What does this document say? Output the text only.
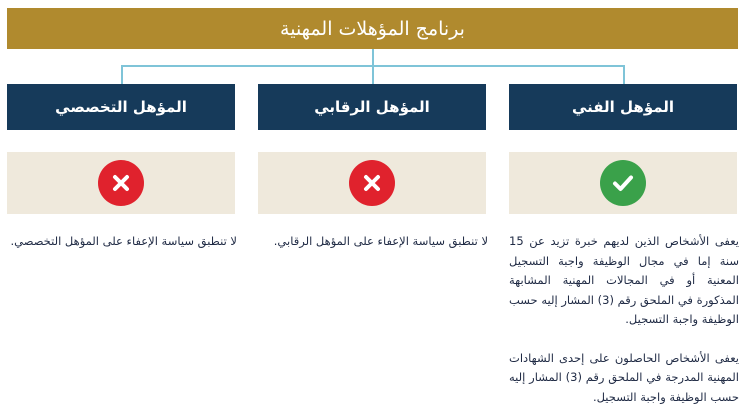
برنامج المؤهلات المهنية
المؤهل الفني
المؤهل الرقابي
المؤهل التخصصي

يعفى الأشخاص الذين لديهم خبرة تزيد عن 15 سنة إما في مجال الوظيفة واجبة التسجيل المعنية أو في المجالات المهنية المشابهة المذكورة في الملحق رقم (3) المشار إليه حسب الوظيفة واجبة التسجيل.

يعفى الأشخاص الحاصلون على إحدى الشهادات المهنية المدرجة في الملحق رقم (3) المشار إليه حسب الوظيفة واجبة التسجيل.

لا تنطبق سياسة الإعفاء على المؤهل الرقابي.

لا تنطبق سياسة الإعفاء على المؤهل التخصصي.
